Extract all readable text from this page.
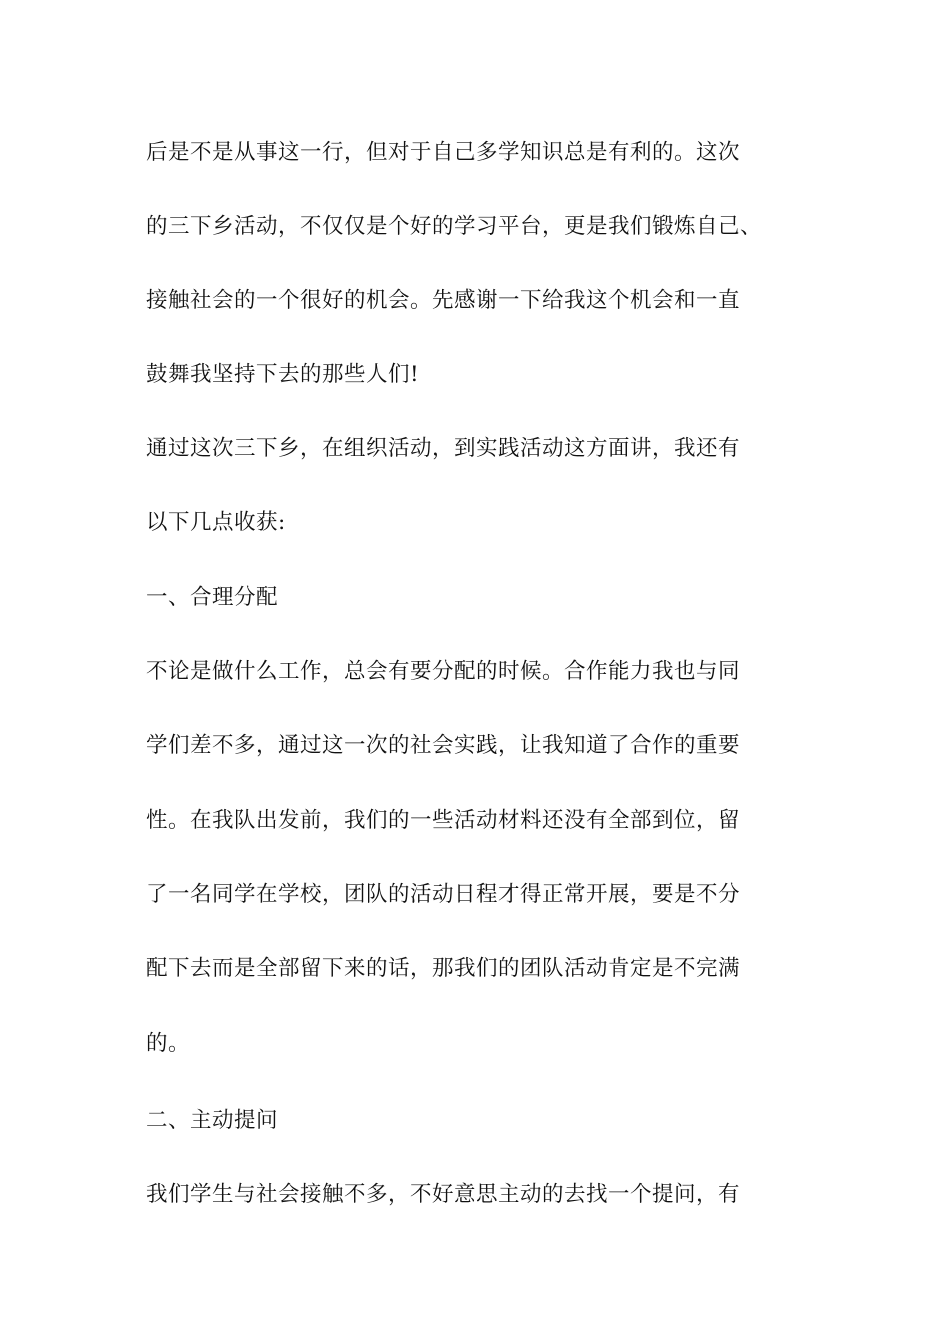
后是不是从事这一行，但对于自己多学知识总是有利的。这次
的三下乡活动，不仅仅是个好的学习平台，更是我们锻炼自己、
接触社会的一个很好的机会。先感谢一下给我这个机会和一直
鼓舞我坚持下去的那些人们!
通过这次三下乡，在组织活动，到实践活动这方面讲，我还有
以下几点收获:
一、合理分配
不论是做什么工作，总会有要分配的时候。合作能力我也与同
学们差不多，通过这一次的社会实践，让我知道了合作的重要
性。在我队出发前，我们的一些活动材料还没有全部到位，留
了一名同学在学校，团队的活动日程才得正常开展，要是不分
配下去而是全部留下来的话，那我们的团队活动肯定是不完满
的。
二、主动提问
我们学生与社会接触不多，不好意思主动的去找一个提问，有
